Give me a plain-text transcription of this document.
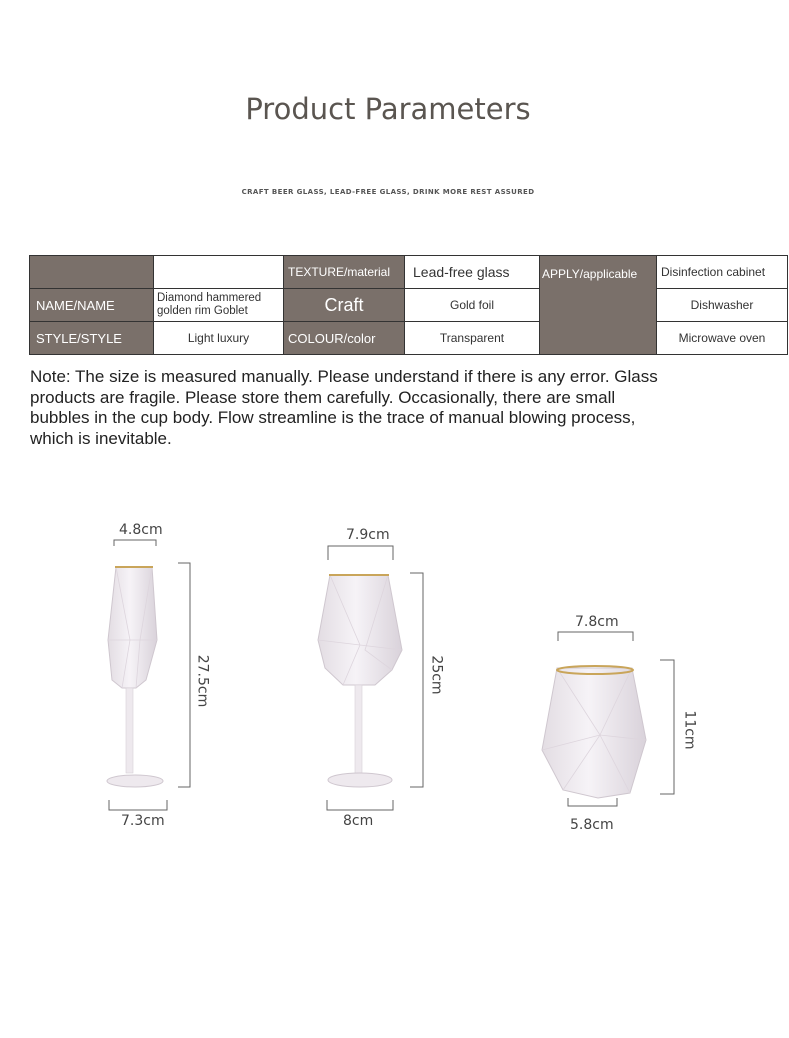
Product Parameters
CRAFT BEER GLASS, LEAD-FREE GLASS, DRINK MORE REST ASSURED
		TEXTURE/material	Lead-free glass	APPLY/applicable	Disinfection cabinet
NAME/NAME	Diamond hammered golden rim Goblet	Craft	Gold foil		Dishwasher
STYLE/STYLE	Light luxury	COLOUR/color	Transparent		Microwave oven
Note: The size is measured manually. Please understand if there is any error. Glass products are fragile. Please store them carefully. Occasionally, there are small bubbles in the cup body. Flow streamline is the trace of manual blowing process, which is inevitable.
4.8cm
27.5cm
7.3cm
7.9cm
25cm
8cm
7.8cm
11cm
5.8cm
